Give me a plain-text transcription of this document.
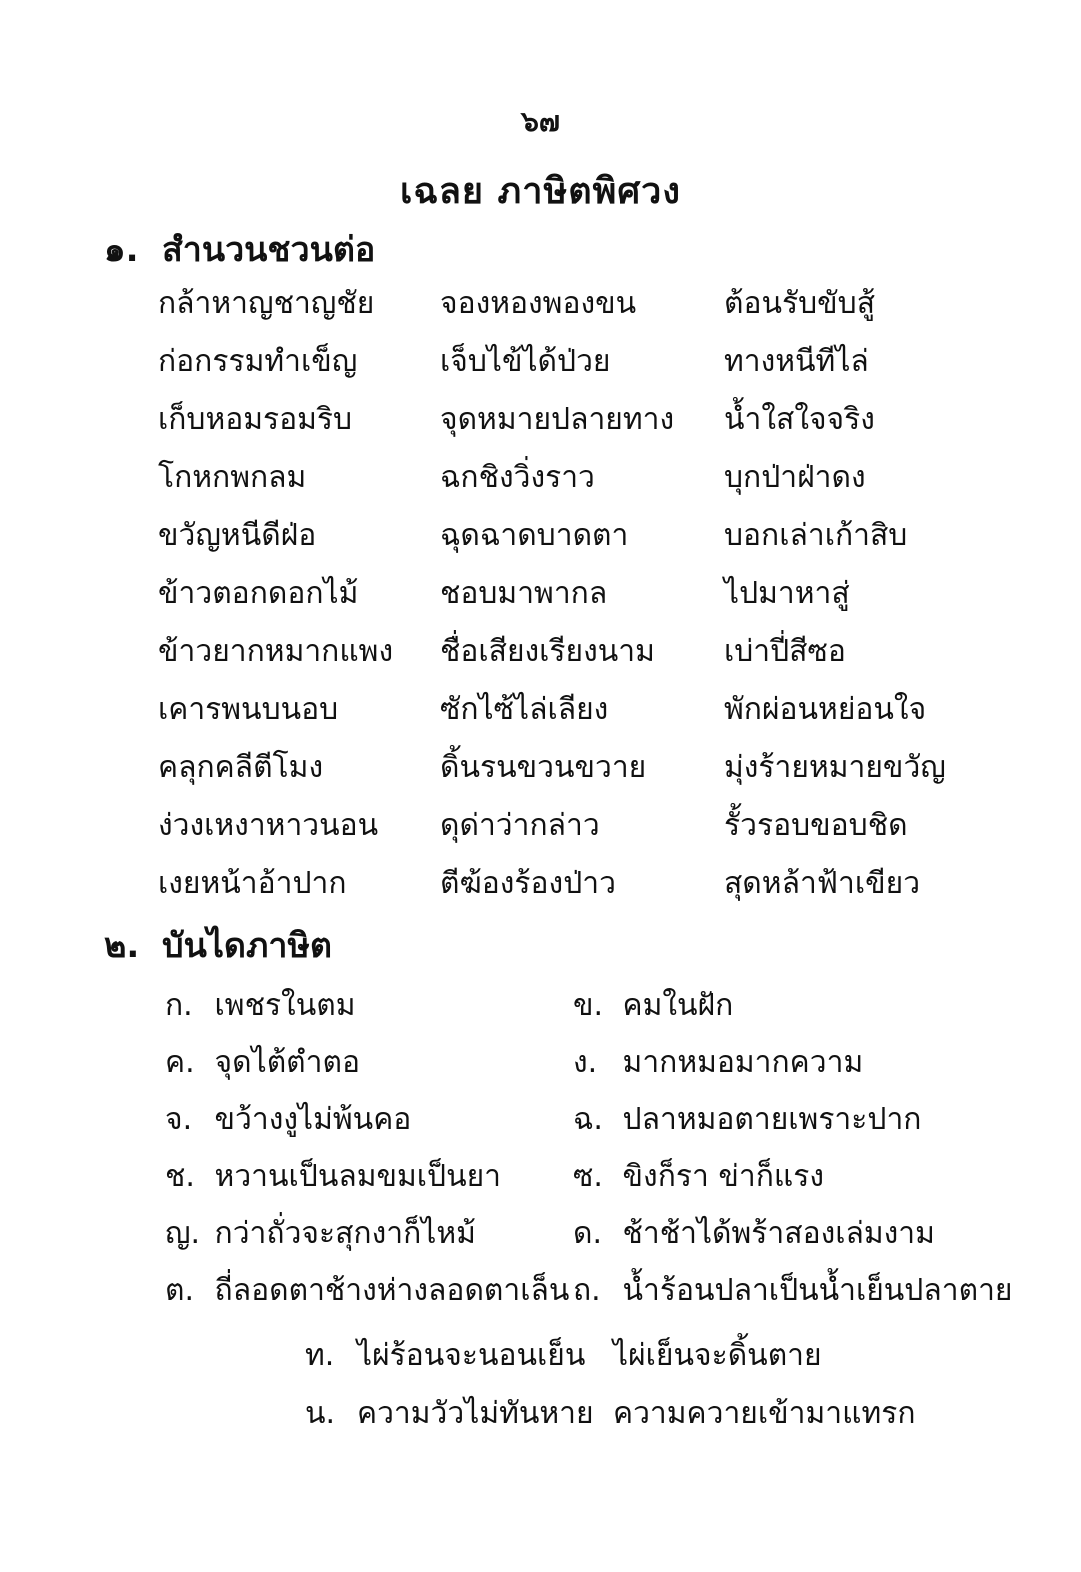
๖๗
เฉลย ภาษิตพิศวง
๑. สำนวนชวนต่อ
กล้าหาญชาญชัย จองหองพองขน	ต้อนรับขับสู้
ก่อกรรมทำเข็ญ	เจ็บไข้ได้ป่วย	ทางหนีทีไล่
เก็บหอมรอมริบ	จุดหมายปลายทาง น้ำใสใจจริง
โกหกพกลม	ฉกชิงวิ่งราว	บุกป่าฝ่าดง
ขวัญหนีดีฝ่อ	ฉุดฉาดบาดตา	บอกเล่าเก้าสิบ
ข้าวตอกดอกไม้	ชอบมาพากล	ไปมาหาสู่
ข้าวยากหมากแพง ชื่อเสียงเรียงนาม เบ่าปี่สีซอ
เคารพนบนอบ	ซักไซ้ไล่เลียง	พักผ่อนหย่อนใจ
คลุกคลีตีโมง	ดิ้นรนขวนขวาย	มุ่งร้ายหมายขวัญ
ง่วงเหงาหาวนอน ดุด่าว่ากล่าว	รั้วรอบขอบชิด
เงยหน้าอ้าปาก	ตีฆ้องร้องป่าว	สุดหล้าฟ้าเขียว
๒. บันไดภาษิต
ก. เพชรในตม	ข. คมในฝัก
ค. จุดไต้ตำตอ	ง. มากหมอมากความ
จ. ขว้างงูไม่พ้นคอ	ฉ. ปลาหมอตายเพราะปาก
ช. หวานเป็นลมขมเป็นยา ซ. ขิงก็รา ข่าก็แรง
ญ. กว่าถั่วจะสุกงาก็ไหม้	ด. ช้าช้าได้พร้าสองเล่มงาม
ต. ถี่ลอดตาช้างห่างลอดตาเล็น ถ. น้ำร้อนปลาเป็นน้ำเย็นปลาตาย
ท. ไผ่ร้อนจะนอนเย็น ไผ่เย็นจะดิ้นตาย
น. ความวัวไม่ทันหาย ความควายเข้ามาแทรก
